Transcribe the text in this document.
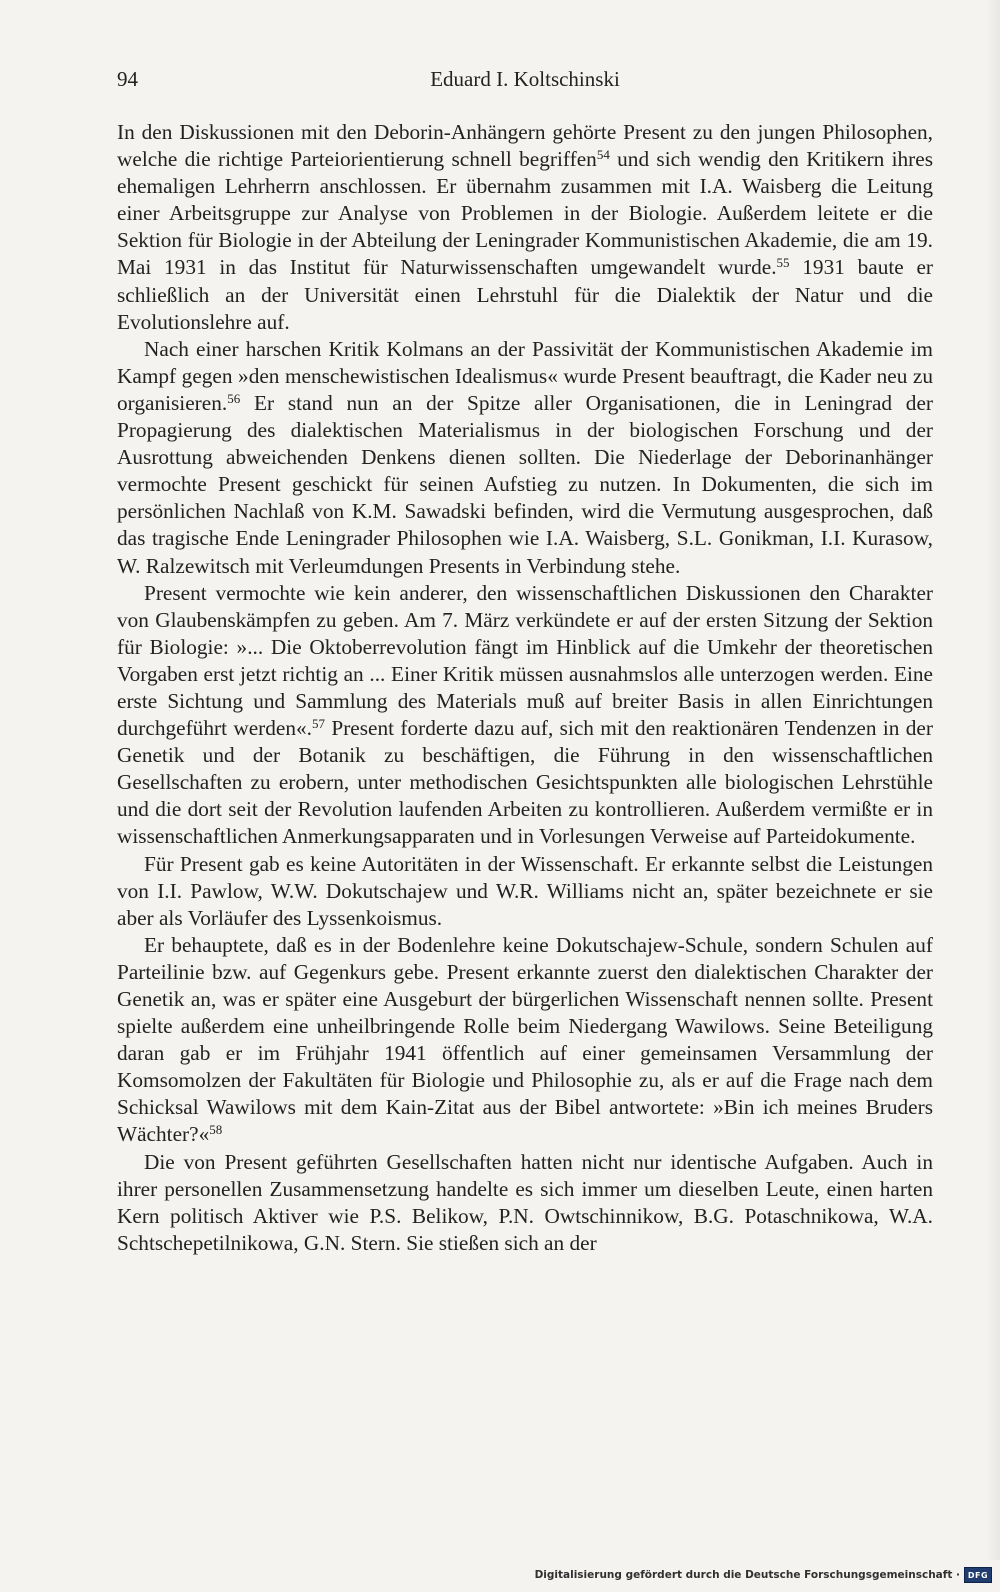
94	Eduard I. Koltschinski

In den Diskussionen mit den Deborin-Anhängern gehörte Present zu den jungen Philosophen, welche die richtige Parteiorientierung schnell begriffen$^{54}$ und sich wendig den Kritikern ihres ehemaligen Lehrherrn anschlossen. Er übernahm zusammen mit I.A. Waisberg die Leitung einer Arbeitsgruppe zur Analyse von Problemen in der Biologie. Außerdem leitete er die Sektion für Biologie in der Abteilung der Leningrader Kommunistischen Akademie, die am 19. Mai 1931 in das Institut für Naturwissenschaften umgewandelt wurde.$^{55}$ 1931 baute er schließlich an der Universität einen Lehrstuhl für die Dialektik der Natur und die Evolutionslehre auf.

Nach einer harschen Kritik Kolmans an der Passivität der Kommunistischen Akademie im Kampf gegen »den menschewistischen Idealismus« wurde Present beauftragt, die Kader neu zu organisieren.$^{56}$ Er stand nun an der Spitze aller Organisationen, die in Leningrad der Propagierung des dialektischen Materialismus in der biologischen Forschung und der Ausrottung abweichenden Denkens dienen sollten. Die Niederlage der Deborinanhänger vermochte Present geschickt für seinen Aufstieg zu nutzen. In Dokumenten, die sich im persönlichen Nachlaß von K.M. Sawadski befinden, wird die Vermutung ausgesprochen, daß das tragische Ende Leningrader Philosophen wie I.A. Waisberg, S.L. Gonikman, I.I. Kurasow, W. Ralzewitsch mit Verleumdungen Presents in Verbindung stehe.

Present vermochte wie kein anderer, den wissenschaftlichen Diskussionen den Charakter von Glaubenskämpfen zu geben. Am 7. März verkündete er auf der ersten Sitzung der Sektion für Biologie: »... Die Oktoberrevolution fängt im Hinblick auf die Umkehr der theoretischen Vorgaben erst jetzt richtig an ... Einer Kritik müssen ausnahmslos alle unterzogen werden. Eine erste Sichtung und Sammlung des Materials muß auf breiter Basis in allen Einrichtungen durchgeführt werden«.$^{57}$ Present forderte dazu auf, sich mit den reaktionären Tendenzen in der Genetik und der Botanik zu beschäftigen, die Führung in den wissenschaftlichen Gesellschaften zu erobern, unter methodischen Gesichtspunkten alle biologischen Lehrstühle und die dort seit der Revolution laufenden Arbeiten zu kontrollieren. Außerdem vermißte er in wissenschaftlichen Anmerkungsapparaten und in Vorlesungen Verweise auf Parteidokumente.

Für Present gab es keine Autoritäten in der Wissenschaft. Er erkannte selbst die Leistungen von I.I. Pawlow, W.W. Dokutschajew und W.R. Williams nicht an, später bezeichnete er sie aber als Vorläufer des Lyssenkoismus.

Er behauptete, daß es in der Bodenlehre keine Dokutschajew-Schule, sondern Schulen auf Parteilinie bzw. auf Gegenkurs gebe. Present erkannte zuerst den dialektischen Charakter der Genetik an, was er später eine Ausgeburt der bürgerlichen Wissenschaft nennen sollte. Present spielte außerdem eine unheilbringende Rolle beim Niedergang Wawilows. Seine Beteiligung daran gab er im Frühjahr 1941 öffentlich auf einer gemeinsamen Versammlung der Komsomolzen der Fakultäten für Biologie und Philosophie zu, als er auf die Frage nach dem Schicksal Wawilows mit dem Kain-Zitat aus der Bibel antwortete: »Bin ich meines Bruders Wächter?«$^{58}$

Die von Present geführten Gesellschaften hatten nicht nur identische Aufgaben. Auch in ihrer personellen Zusammensetzung handelte es sich immer um dieselben Leute, einen harten Kern politisch Aktiver wie P.S. Belikow, P.N. Owtschinnikow, B.G. Potaschnikowa, W.A. Schtschepetilnikowa, G.N. Stern. Sie stießen sich an der

Digitalisierung gefördert durch die Deutsche Forschungsgemeinschaft · DFG
